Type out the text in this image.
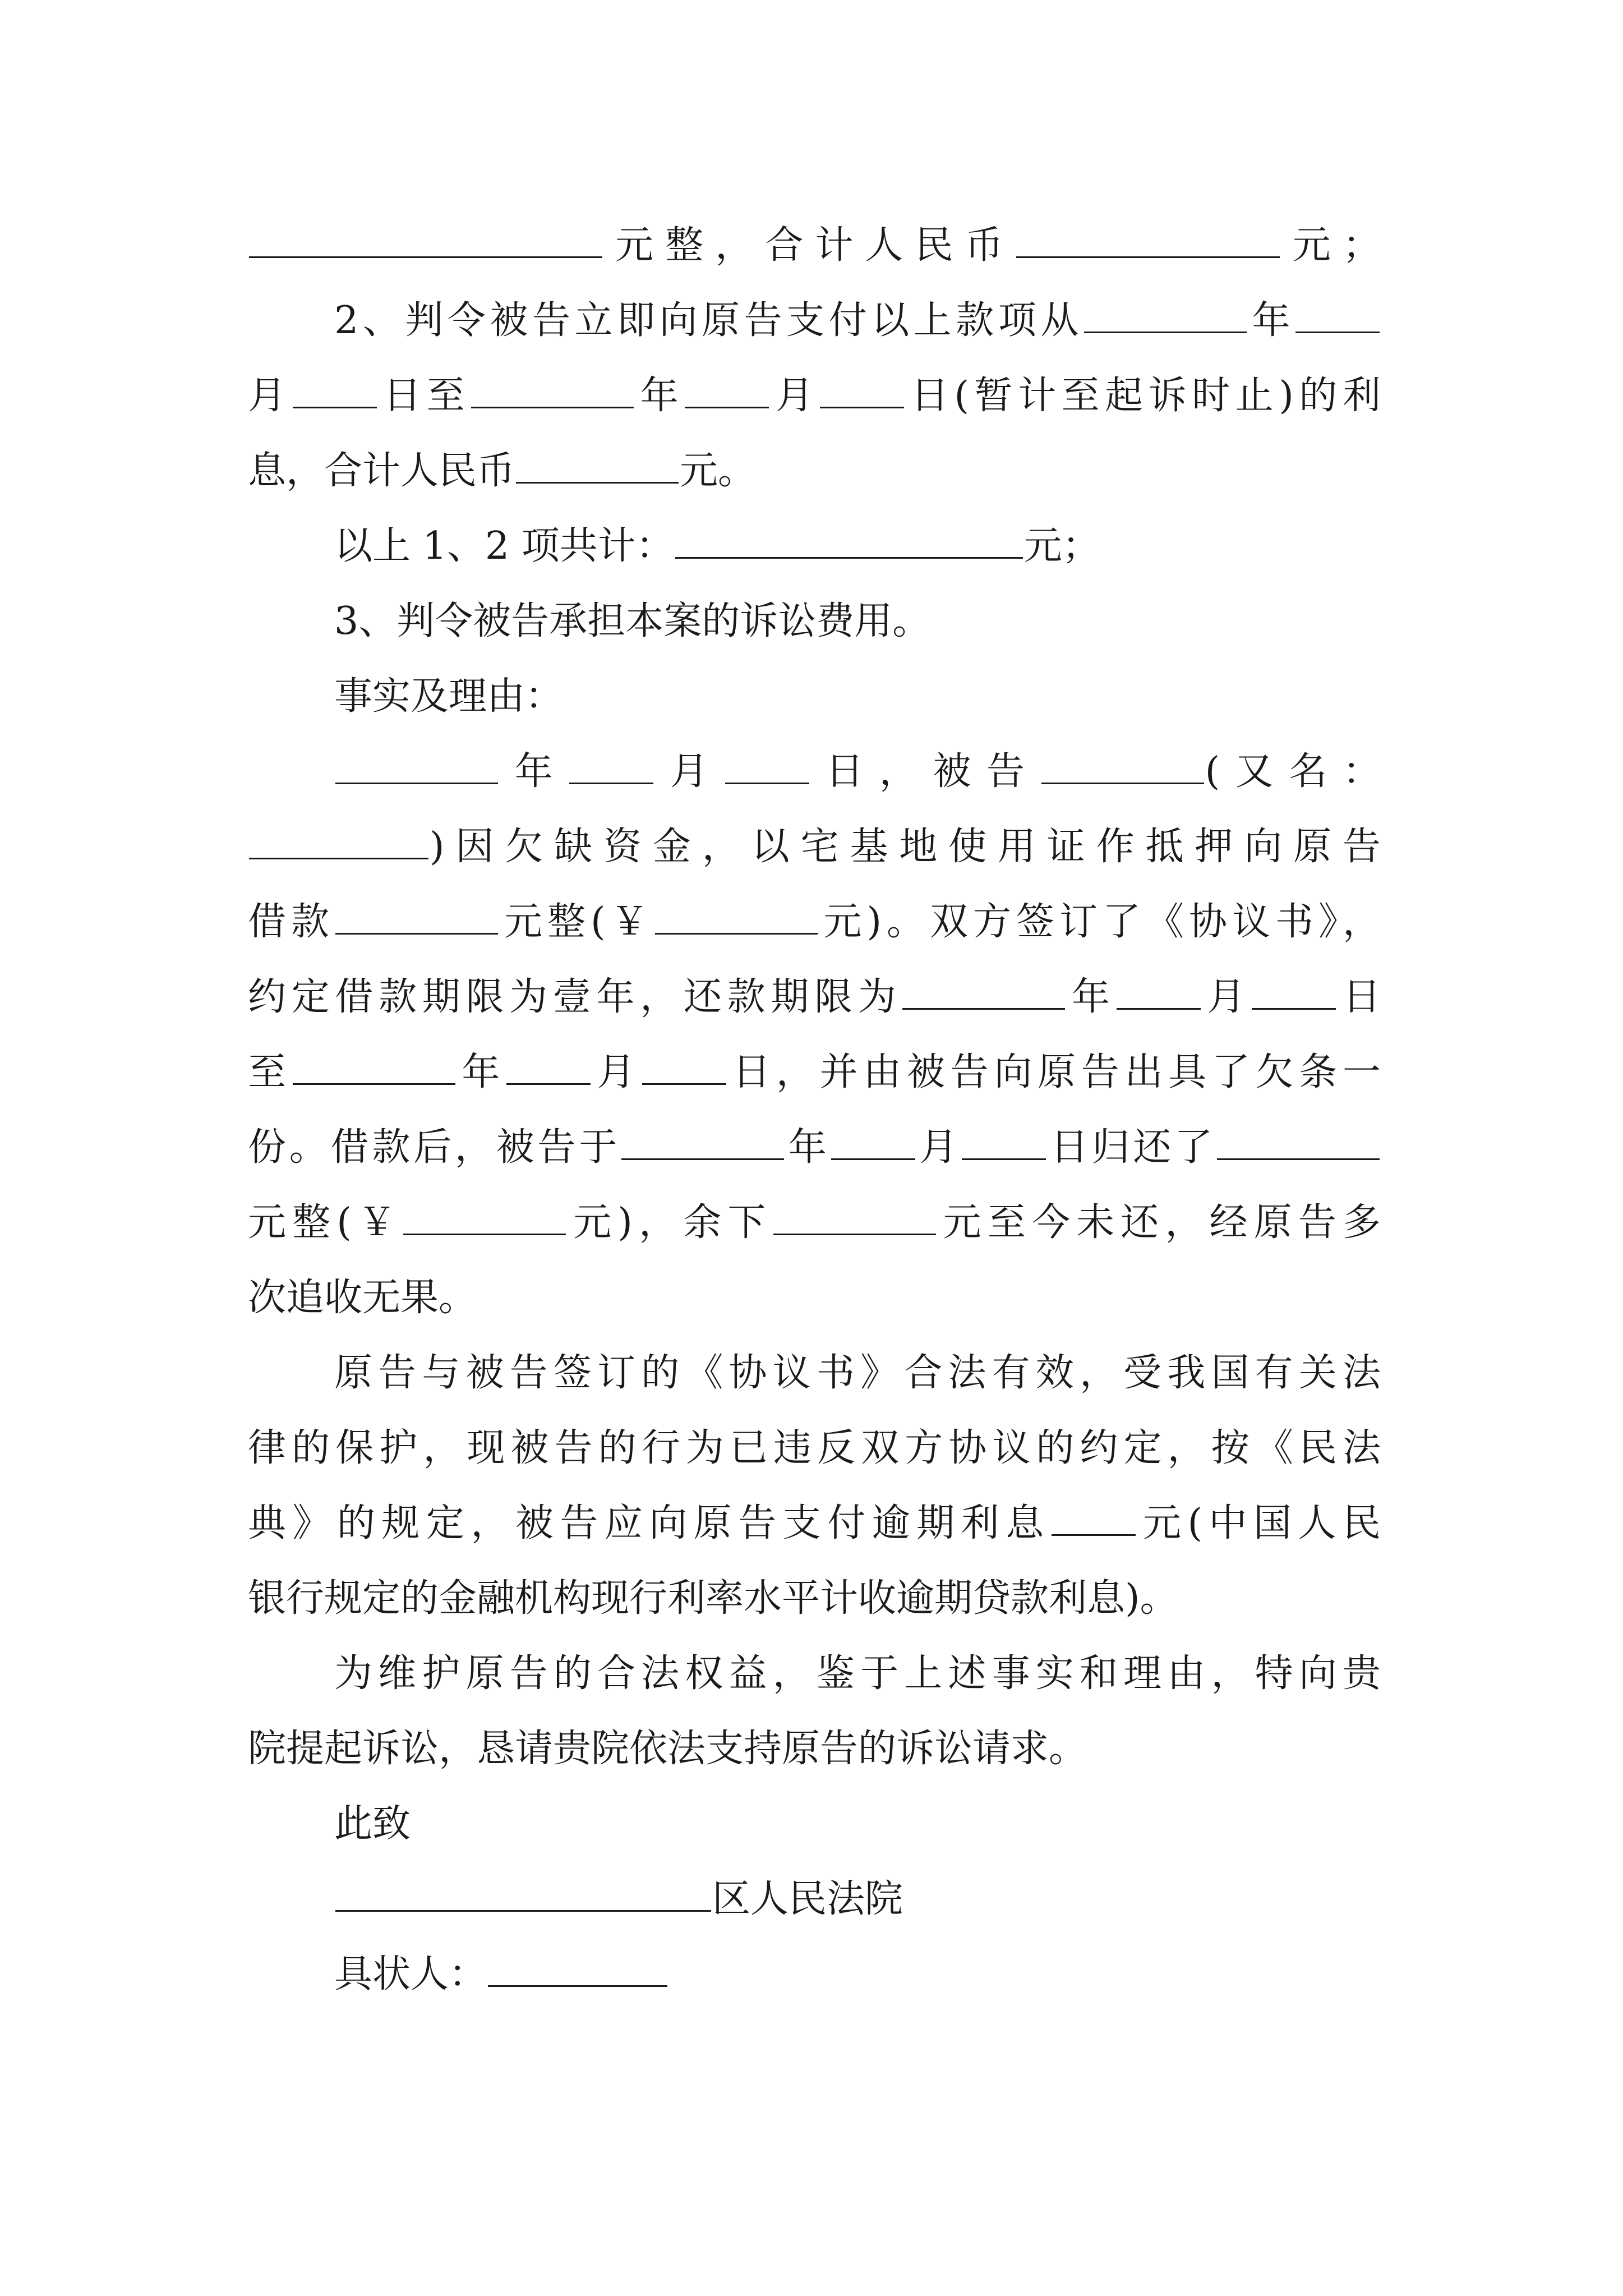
元整，合计人民币	元；
2、判令被告立即向原告支付以上款项从	年
月 日至	年 月 日(暂计至起诉时止)的利
息，合计人民币	元。
以上 1、2 项共计：	元；
3、判令被告承担本案的诉讼费用。
事实及理由：
年 月 日，被告	(又名：
)因欠缺资金，以宅基地使用证作抵押向原告
借款	元整(￥	元)。双方签订了《协议书》，
约定借款期限为壹年，还款期限为	年 月 日
至	年 月 日，并由被告向原告出具了欠条一
份。借款后，被告于	年 月 日归还了
元整(￥	元)，余下	元至今未还，经原告多
次追收无果。
原告与被告签订的《协议书》合法有效，受我国有关法
律的保护，现被告的行为已违反双方协议的约定，按《民法
典》的规定，被告应向原告支付逾期利息 元(中国人民
银行规定的金融机构现行利率水平计收逾期贷款利息)。
为维护原告的合法权益，鉴于上述事实和理由，特向贵
院提起诉讼，恳请贵院依法支持原告的诉讼请求。
此致
区人民法院
具状人：
